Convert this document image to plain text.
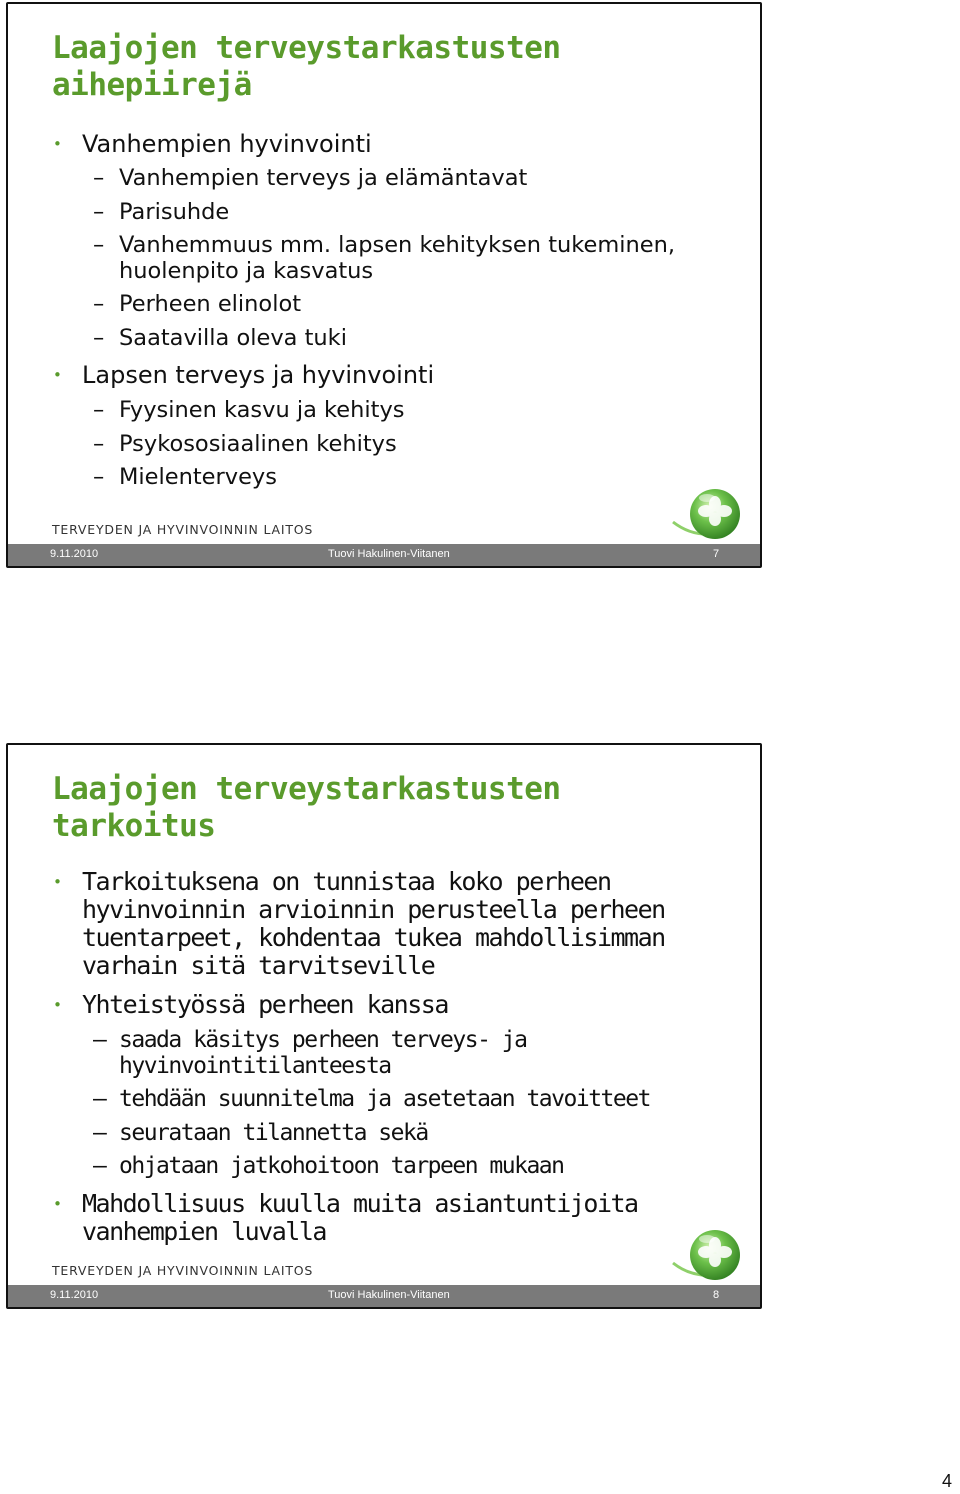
Laajojen terveystarkastusten
aihepiirejä
• Vanhempien hyvinvointi
– Vanhempien terveys ja elämäntavat
– Parisuhde
– Vanhemmuus mm. lapsen kehityksen tukeminen,
huolenpito ja kasvatus
– Perheen elinolot
– Saatavilla oleva tuki
• Lapsen terveys ja hyvinvointi
– Fyysinen kasvu ja kehitys
– Psykososiaalinen kehitys
– Mielenterveys
TERVEYDEN JA HYVINVOINNIN LAITOS
9.11.2010	Tuovi Hakulinen-Viitanen	7
Laajojen terveystarkastusten
tarkoitus
• Tarkoituksena on tunnistaa koko perheen
hyvinvoinnin arvioinnin perusteella perheen
tuentarpeet, kohdentaa tukea mahdollisimman
varhain sitä tarvitseville
• Yhteistyössä perheen kanssa
– saada käsitys perheen terveys- ja
hyvinvointitilanteesta
– tehdään suunnitelma ja asetetaan tavoitteet
– seurataan tilannetta sekä
– ohjataan jatkohoitoon tarpeen mukaan
• Mahdollisuus kuulla muita asiantuntijoita
vanhempien luvalla
TERVEYDEN JA HYVINVOINNIN LAITOS
9.11.2010	Tuovi Hakulinen-Viitanen	8
4
